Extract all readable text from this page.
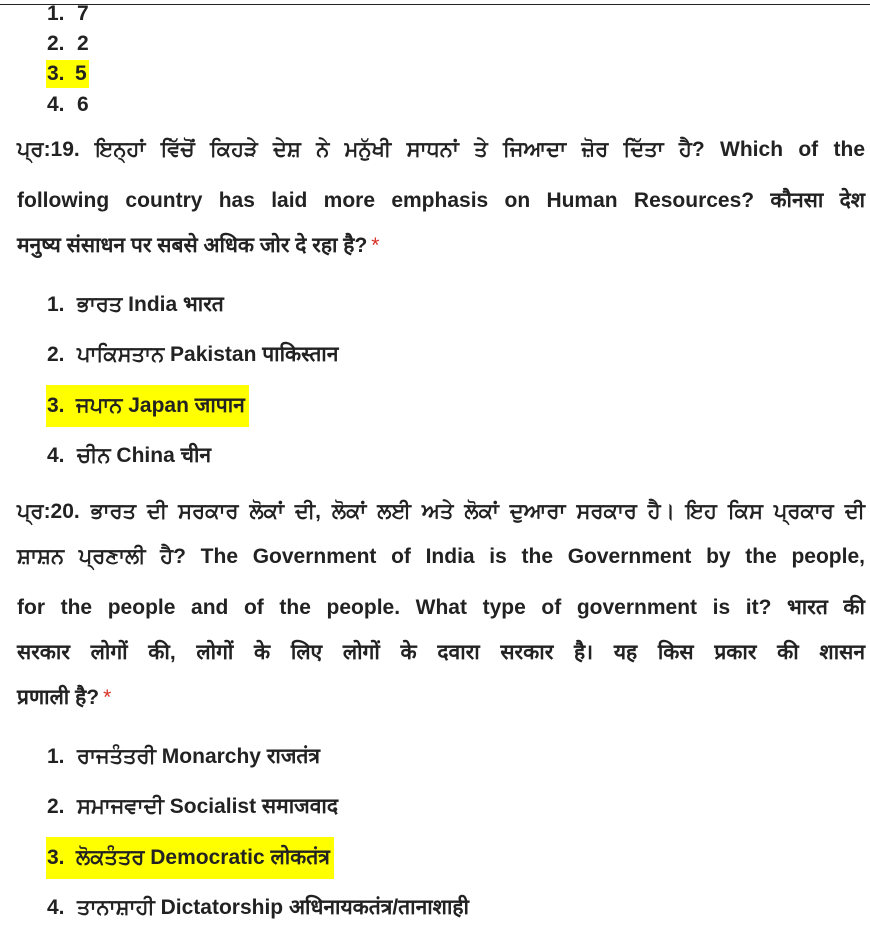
1. 7
2. 2
3. 5
4. 6
ਪ੍ਰ:19. ਇਨ੍ਹਾਂ ਵਿੱਚੋਂ ਕਿਹੜੇ ਦੇਸ਼ ਨੇ ਮਨੁੱਖੀ ਸਾਧਨਾਂ ਤੇ ਜਿਆਦਾ ਜ਼ੋਰ ਦਿੱਤਾ ਹੈ? Which of the
following country has laid more emphasis on Human Resources? कौनसा देश
मनुष्य संसाधन पर सबसे अधिक जोर दे रहा है? *
1. ਭਾਰਤ India भारत
2. ਪਾਕਿਸਤਾਨ Pakistan पाकिस्तान
3. ਜਪਾਨ Japan जापान
4. ਚੀਨ China चीन
ਪ੍ਰ:20. ਭਾਰਤ ਦੀ ਸਰਕਾਰ ਲੋਕਾਂ ਦੀ, ਲੋਕਾਂ ਲਈ ਅਤੇ ਲੋਕਾਂ ਦੁਆਰਾ ਸਰਕਾਰ ਹੈ। ਇਹ ਕਿਸ ਪ੍ਰਕਾਰ ਦੀ
ਸ਼ਾਸ਼ਨ ਪ੍ਰਣਾਲੀ ਹੈ? The Government of India is the Government by the people,
for the people and of the people. What type of government is it? भारत की
सरकार लोगों की, लोगों के लिए लोगों के दवारा सरकार है। यह किस प्रकार की शासन
प्रणाली है? *
1. ਰਾਜਤੰਤਰੀ Monarchy राजतंत्र
2. ਸਮਾਜਵਾਦੀ Socialist समाजवाद
3. ਲੋਕਤੰਤਰ Democratic लोकतंत्र
4. ਤਾਨਾਸ਼ਾਹੀ Dictatorship अधिनायकतंत्र/तानाशाही
